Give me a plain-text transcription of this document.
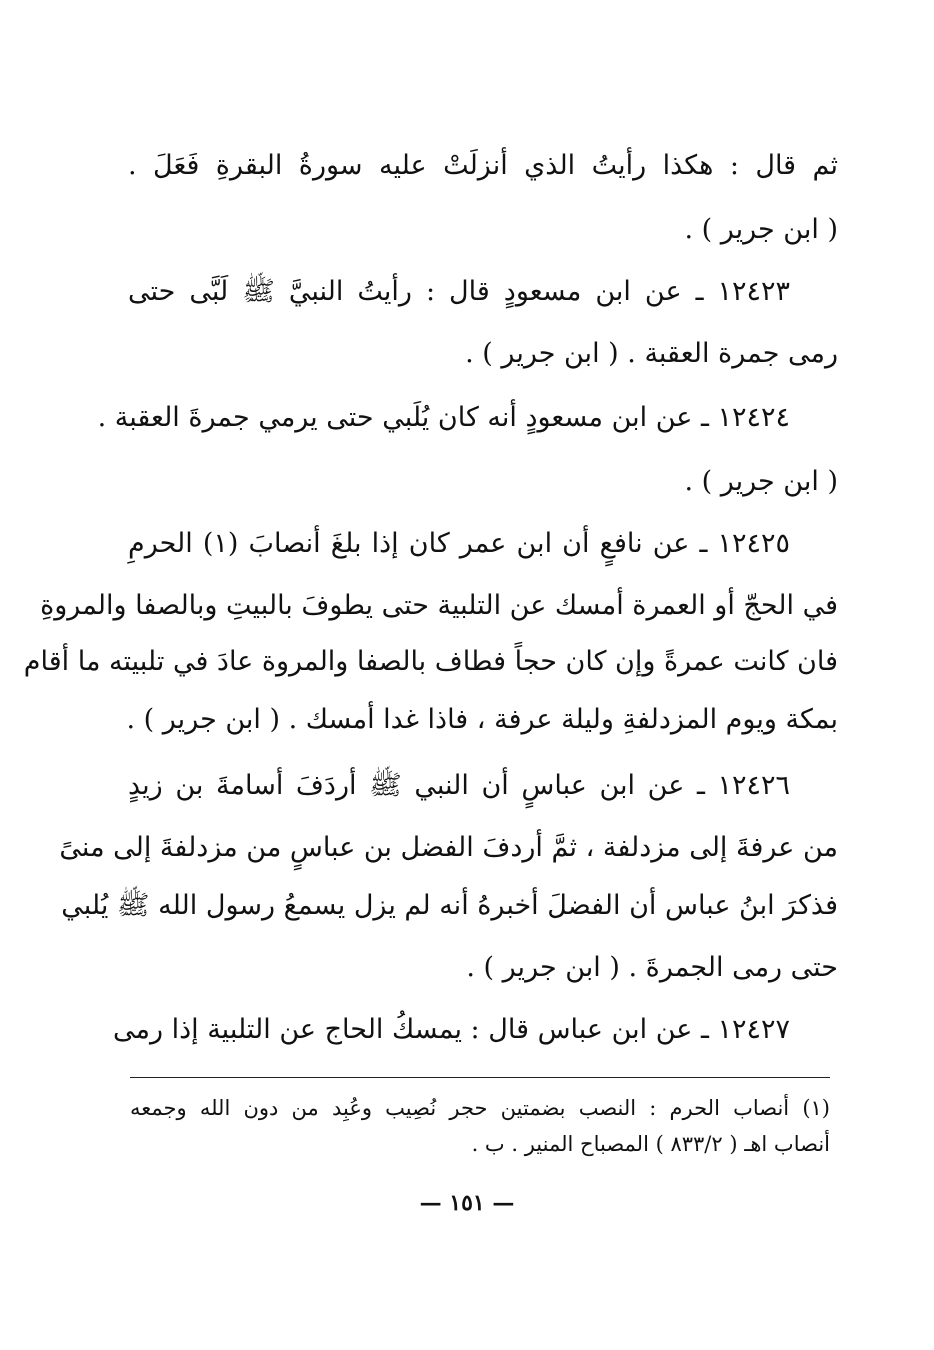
ثم قال : هكذا رأيتُ الذي أنزلَتْ عليه سورةُ البقرةِ فَعَلَ .
( ابن جرير ) .
١٢٤٢٣ ـ عن ابن مسعودٍ قال : رأيتُ النبيَّ ﷺ لَبَّى حتى
رمى جمرة العقبة . ( ابن جرير ) .
١٢٤٢٤ ـ عن ابن مسعودٍ أنه كان يُلَبي حتى يرمي جمرةَ العقبة .
( ابن جرير ) .
١٢٤٢٥ ـ عن نافعٍ أن ابن عمر كان إذا بلغَ أنصابَ (١) الحرمِ
في الحجّ أو العمرة أمسك عن التلبية حتى يطوفَ بالبيتِ وبالصفا والمروةِ
فان كانت عمرةً وإن كان حجاً فطاف بالصفا والمروة عادَ في تلبيته ما أقام
بمكة ويوم المزدلفةِ وليلة عرفة ، فاذا غدا أمسك . ( ابن جرير ) .
١٢٤٢٦ ـ عن ابن عباسٍ أن النبي ﷺ أردَفَ أسامةَ بن زيدٍ
من عرفةَ إلى مزدلفة ، ثمَّ أردفَ الفضل بن عباسٍ من مزدلفةَ إلى منىً
فذكرَ ابنُ عباس أن الفضلَ أخبرهُ أنه لم يزل يسمعُ رسول الله ﷺ يُلبي
حتى رمى الجمرةَ . ( ابن جرير ) .
١٢٤٢٧ ـ عن ابن عباس قال : يمسكُ الحاج عن التلبية إذا رمى
(١) أنصاب الحرم : النصب بضمتين حجر نُصِيب وعُبِد من دون الله وجمعه
أنصاب اهـ ( ٨٣٣/٢ ) المصباح المنير . ب .
— ١٥١ —
